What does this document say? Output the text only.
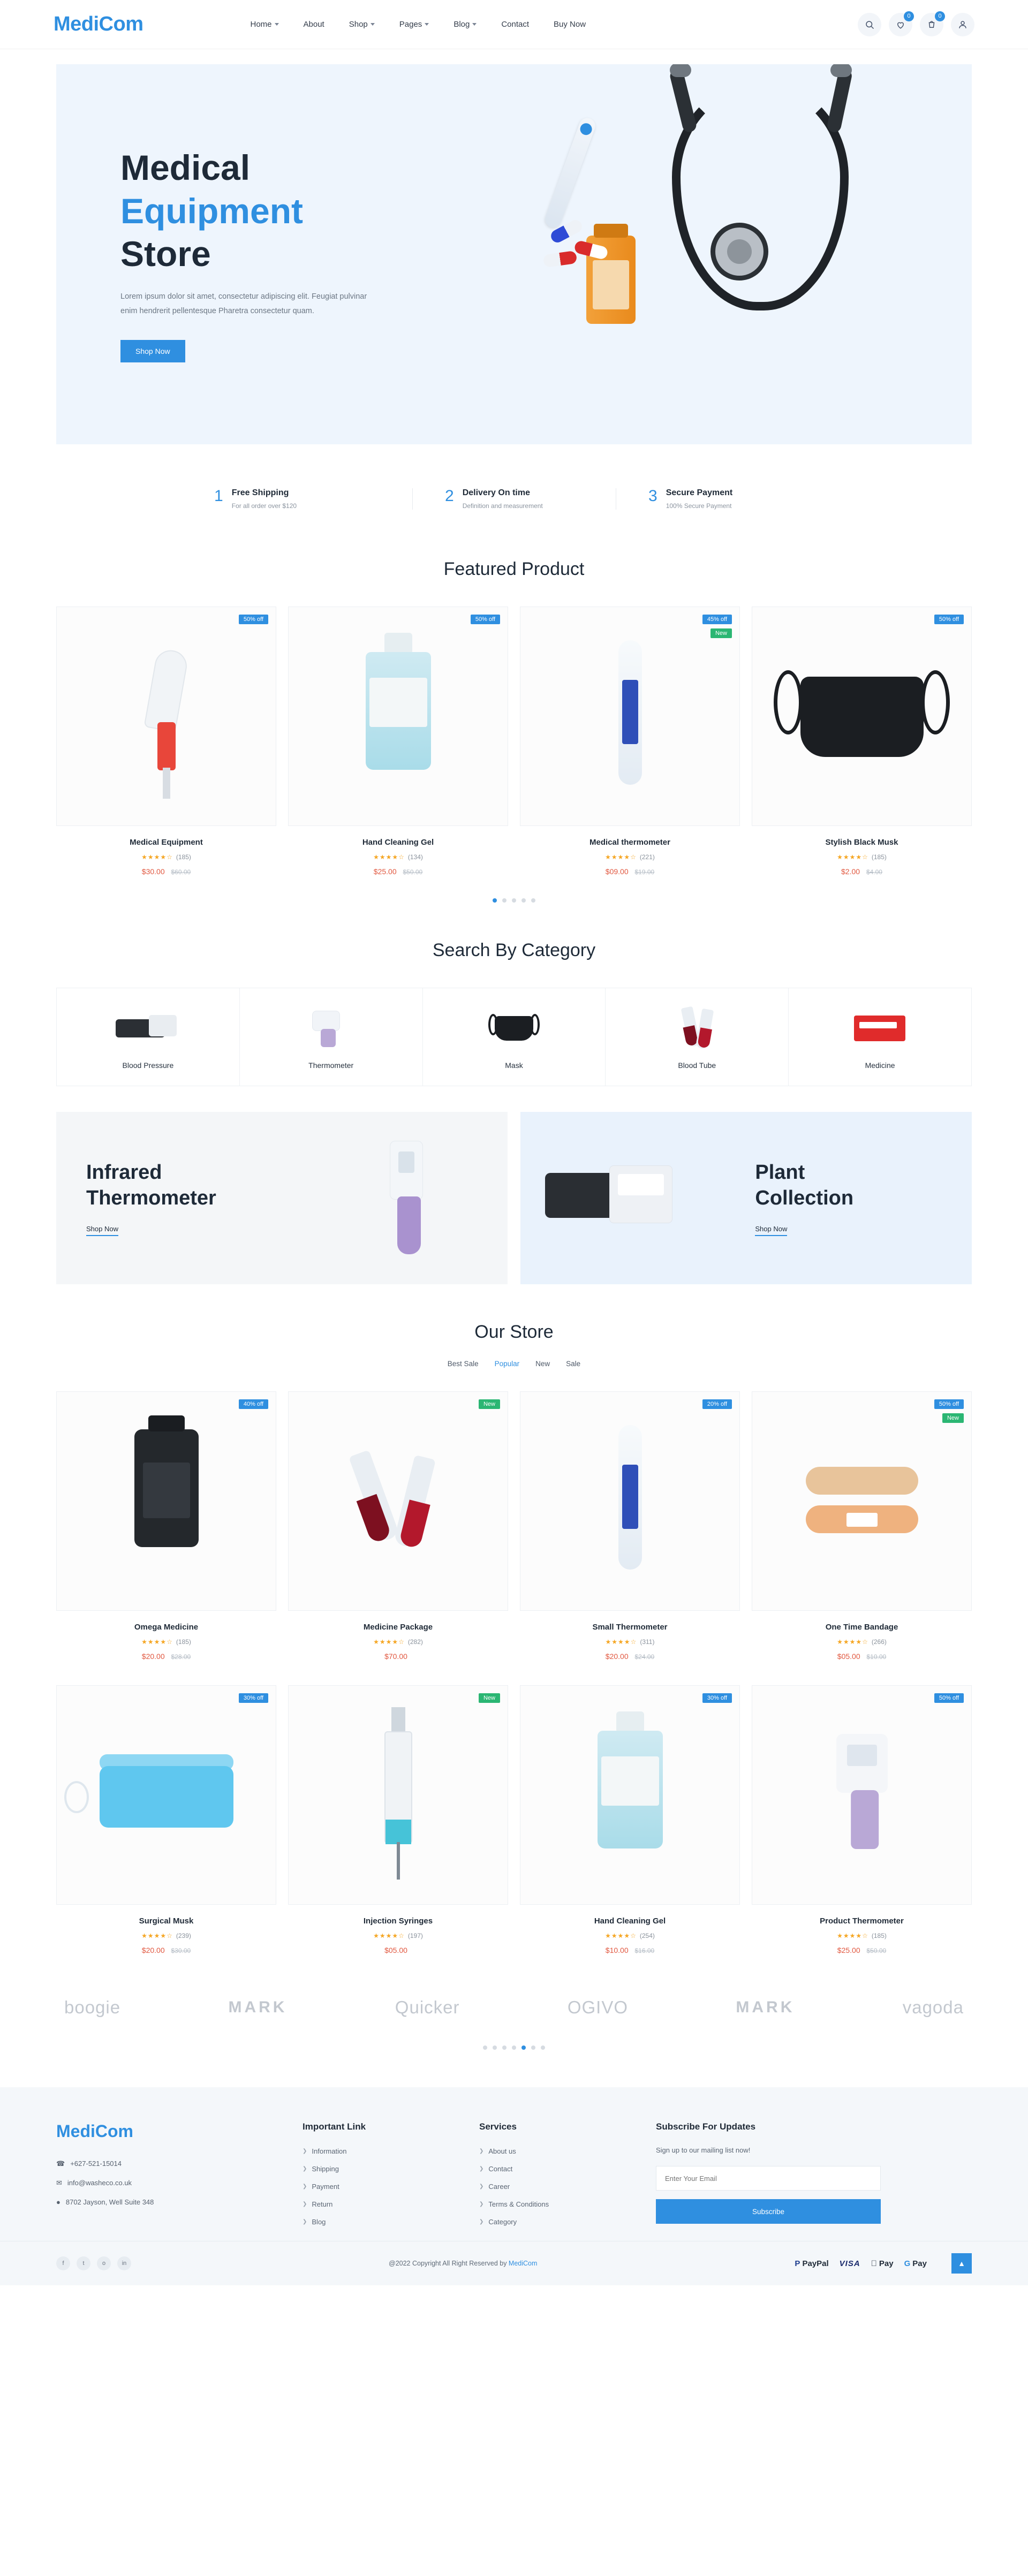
MediCom	Home	About	Shop	Pages	Blog	Contact	Buy Now
0	0
Medical
Equipment Store
Lorem ipsum dolor sit amet, consectetur adipiscing elit. Feugiat pulvinar enim hendrerit pellentesque Pharetra consectetur quam.
Shop Now
1 Free Shipping
For all order over $120
2 Delivery On time
Definition and measurement
3 Secure Payment
100% Secure Payment
Featured Product
50% off
Medical Equipment
★★★★☆ (185)
$30.00 $60.00
50% off
Hand Cleaning Gel
★★★★☆ (134)
$25.00 $50.00
45% off
New
Medical thermometer
★★★★☆ (221)
$09.00 $19.00
50% off
Stylish Black Musk
★★★★☆ (185)
$2.00 $4.00
Search By Category
Blood Pressure	Thermometer	Mask	Blood Tube	Medicine
Infrared
Thermometer
Shop Now
Plant
Collection
Shop Now
Our Store
Best Sale Popular New Sale
40% off
Omega Medicine
★★★★☆ (185)
$20.00 $28.00
New
Medicine Package
★★★★☆ (282)
$70.00
20% off
Small Thermometer
★★★★☆ (311)
$20.00 $24.00
50% off
New
One Time Bandage
★★★★☆ (266)
$05.00 $10.00
30% off
Surgical Musk
★★★★☆ (239)
$20.00 $30.00
New
Injection Syringes
★★★★☆ (197)
$05.00
30% off
Hand Cleaning Gel
★★★★☆ (254)
$10.00 $16.00
50% off
Product Thermometer
★★★★☆ (185)
$25.00 $50.00
boogie	MARK	Quicker	OGIVO	MARK	vagoda
MediCom
☎ +627-521-15014
✉ info@washeco.co.uk
● 8702 Jayson, Well Suite 348
Important Link
❯ Information
❯ Shipping
❯ Payment
❯ Return
❯ Blog
Services
❯ About us
❯ Contact
❯ Career
❯ Terms & Conditions
❯ Category
Subscribe For Updates
Sign up to our mailing list now!
Enter Your Email Subscribe
f	t	o	in	@2022 Copyright All Right Reserved by MediCom	P PayPal	VISA	Pay G Pay	▲
